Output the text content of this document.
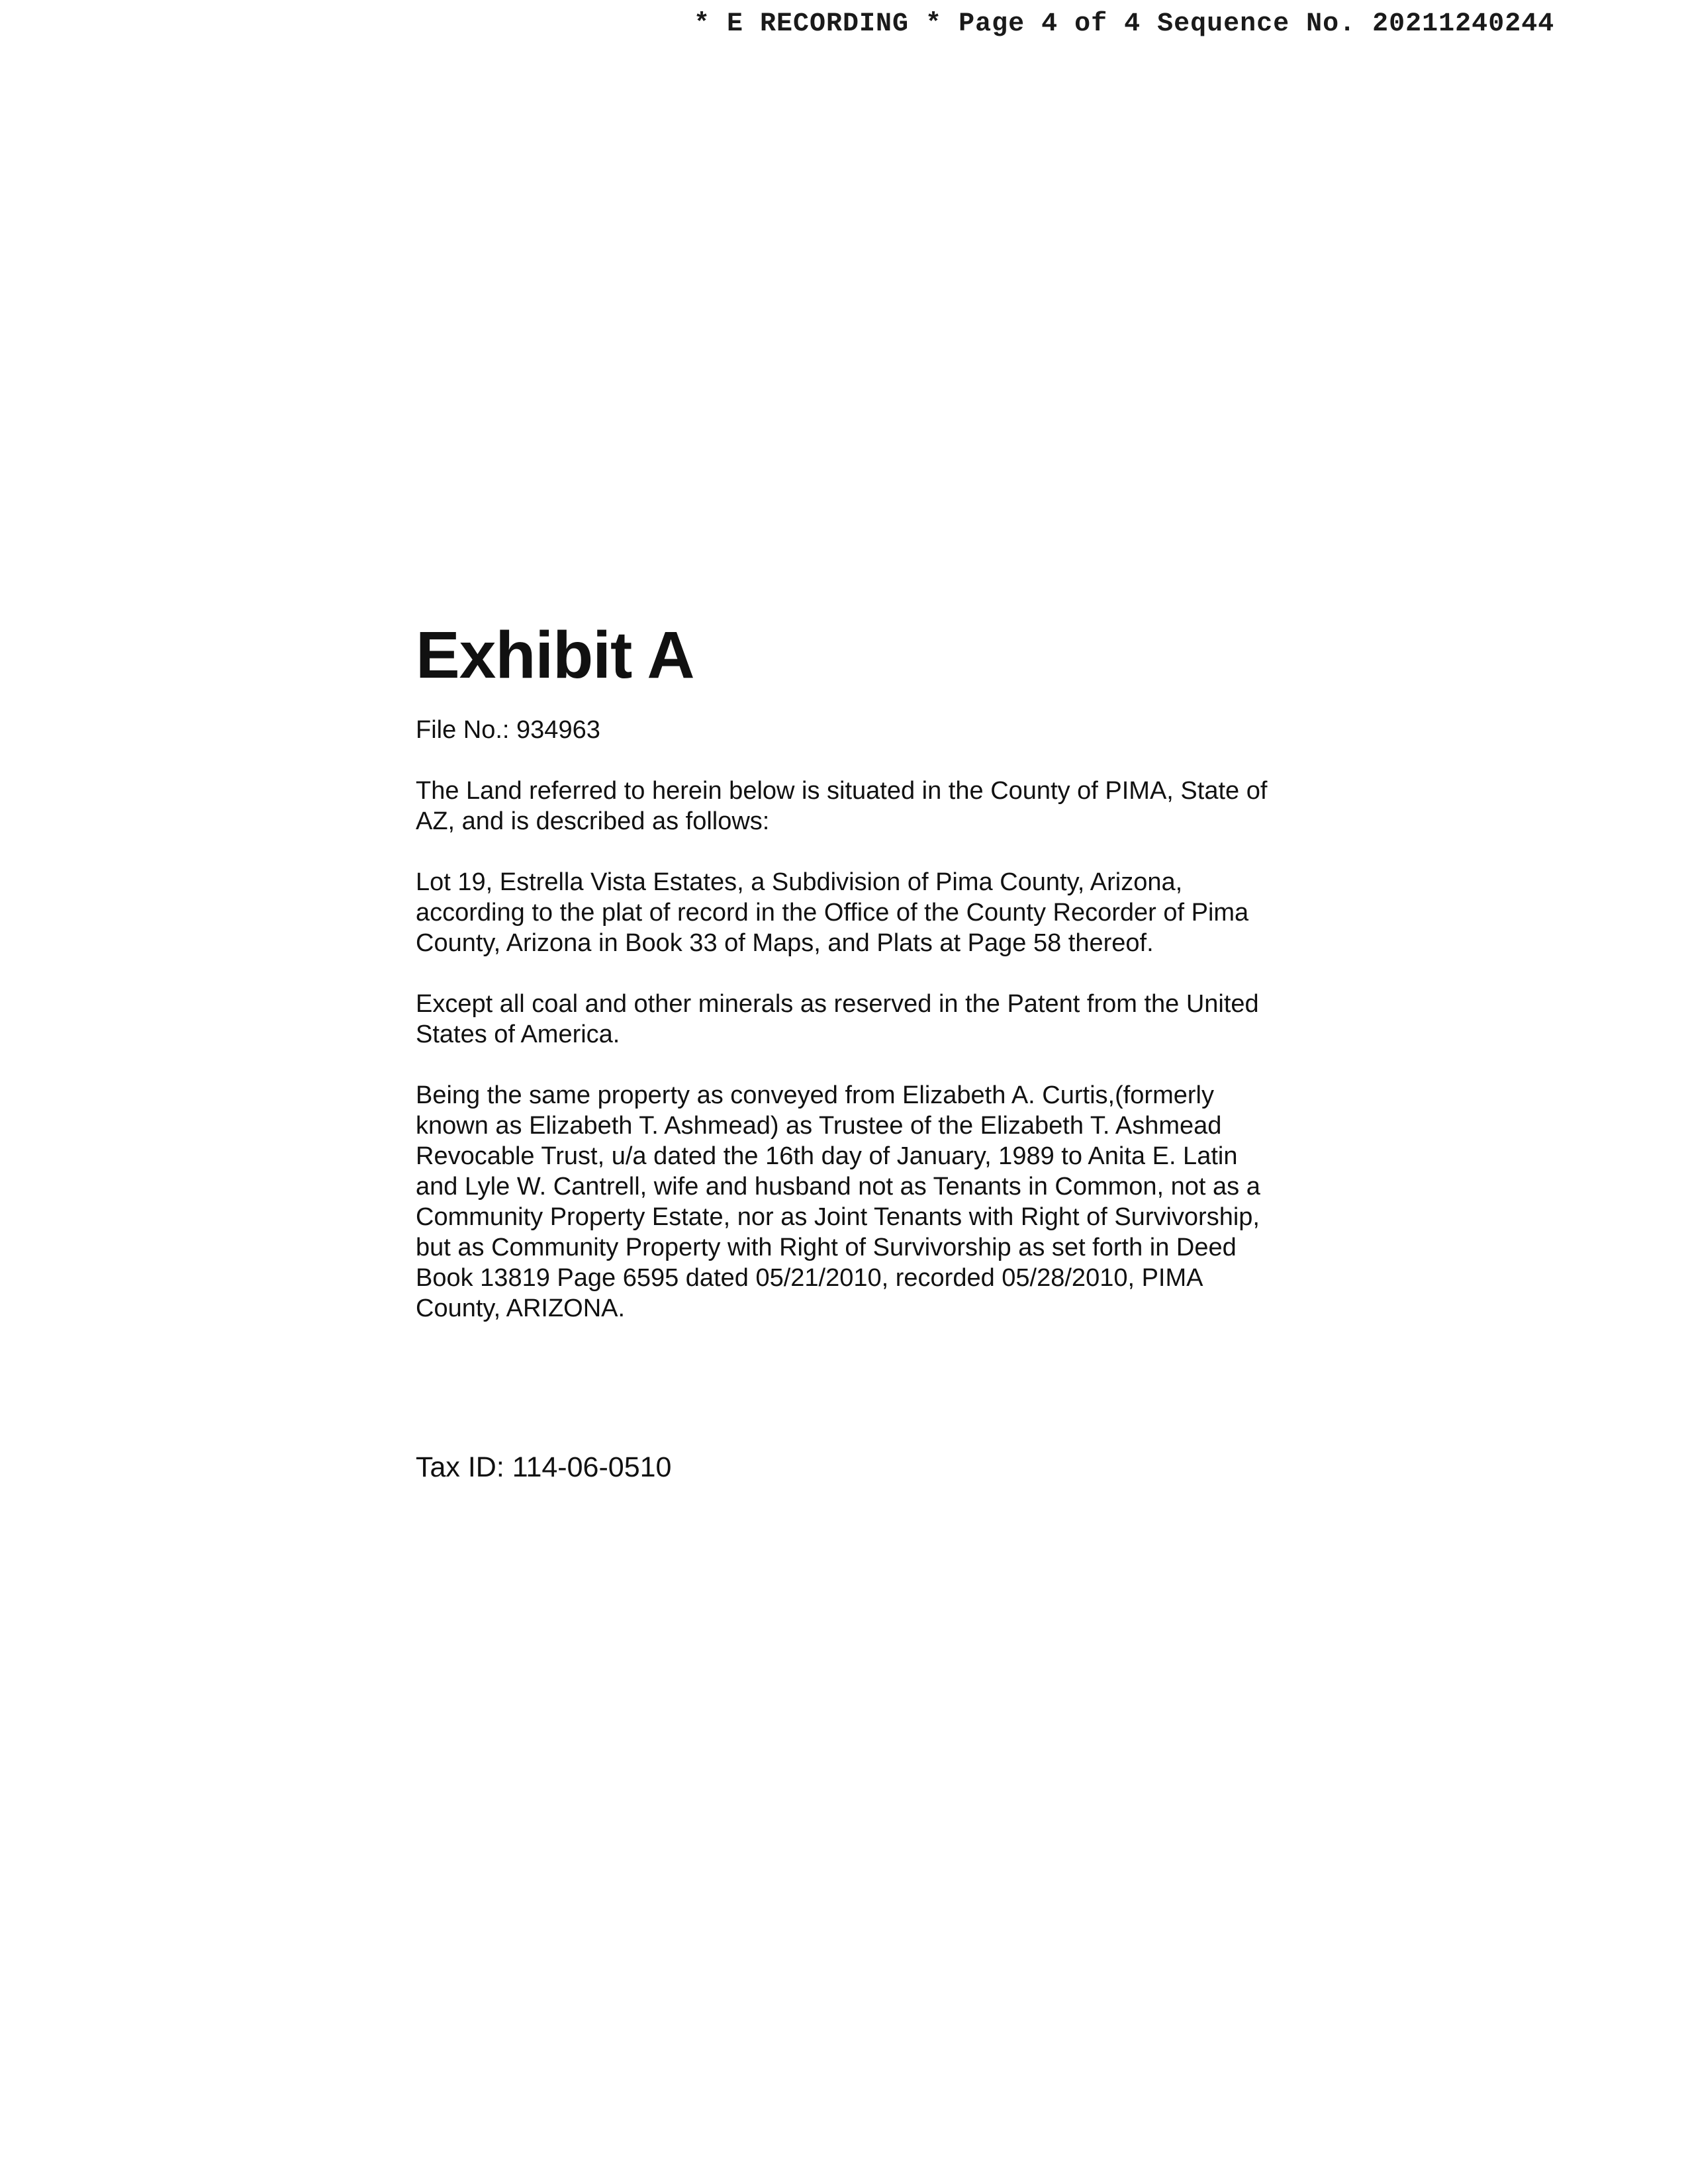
* E RECORDING * Page 4 of 4 Sequence No. 20211240244
Exhibit A

File No.: 934963

The Land referred to herein below is situated in the County of PIMA, State of AZ, and is described as follows:

Lot 19, Estrella Vista Estates, a Subdivision of Pima County, Arizona, according to the plat of record in the Office of the County Recorder of Pima County, Arizona in Book 33 of Maps, and Plats at Page 58 thereof.

Except all coal and other minerals as reserved in the Patent from the United States of America.

Being the same property as conveyed from Elizabeth A. Curtis,(formerly known as Elizabeth T. Ashmead) as Trustee of the Elizabeth T. Ashmead Revocable Trust, u/a dated the 16th day of January, 1989 to Anita E. Latin and Lyle W. Cantrell, wife and husband not as Tenants in Common, not as a Community Property Estate, nor as Joint Tenants with Right of Survivorship, but as Community Property with Right of Survivorship as set forth in Deed Book 13819 Page 6595 dated 05/21/2010, recorded 05/28/2010, PIMA County, ARIZONA.

Tax ID: 114-06-0510
